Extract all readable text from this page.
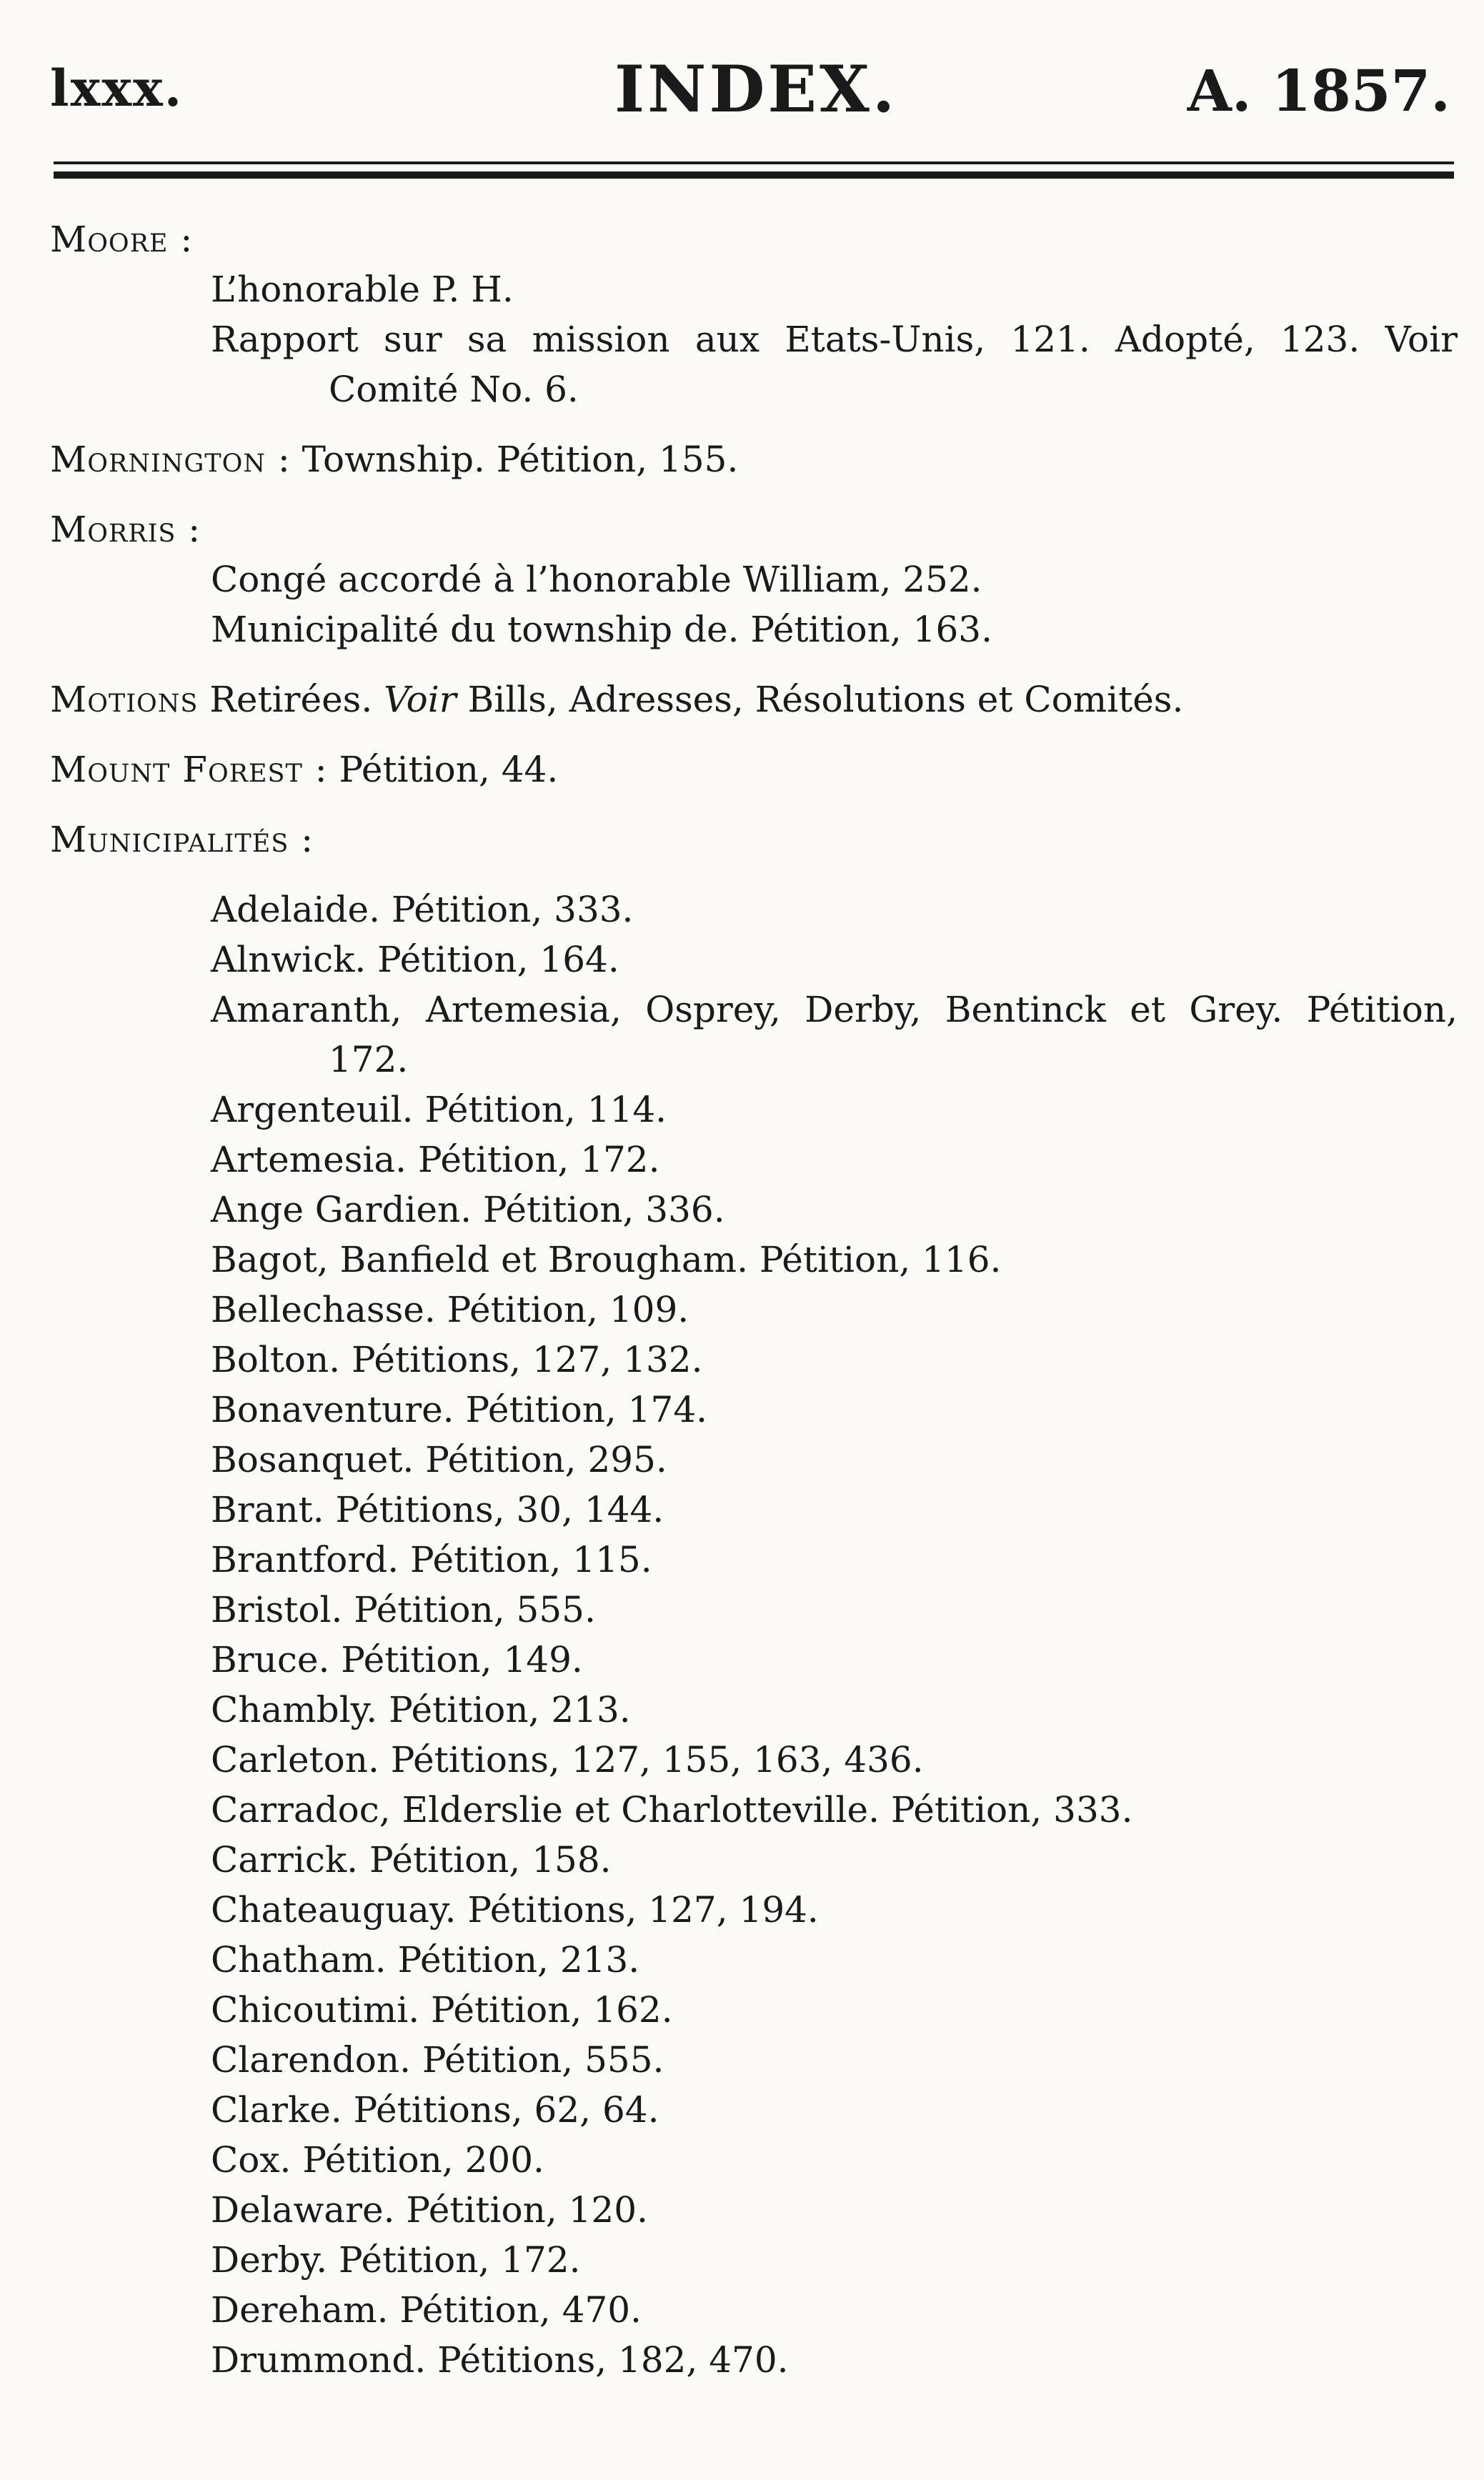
lxxx.	INDEX.	A. 1857.
Moore :
L’honorable P. H.
Rapport sur sa mission aux Etats-Unis, 121. Adopté, 123. Voir
Comité No. 6.
Mornington : Township. Pétition, 155.
Morris :
Congé accordé à l’honorable William, 252.
Municipalité du township de. Pétition, 163.
Motions Retirées. Voir Bills, Adresses, Résolutions et Comités.
Mount Forest : Pétition, 44.
Municipalités :
Adelaide. Pétition, 333.
Alnwick. Pétition, 164.
Amaranth, Artemesia, Osprey, Derby, Bentinck et Grey. Pétition,
172.
Argenteuil. Pétition, 114.
Artemesia. Pétition, 172.
Ange Gardien. Pétition, 336.
Bagot, Banfield et Brougham. Pétition, 116.
Bellechasse. Pétition, 109.
Bolton. Pétitions, 127, 132.
Bonaventure. Pétition, 174.
Bosanquet. Pétition, 295.
Brant. Pétitions, 30, 144.
Brantford. Pétition, 115.
Bristol. Pétition, 555.
Bruce. Pétition, 149.
Chambly. Pétition, 213.
Carleton. Pétitions, 127, 155, 163, 436.
Carradoc, Elderslie et Charlotteville. Pétition, 333.
Carrick. Pétition, 158.
Chateauguay. Pétitions, 127, 194.
Chatham. Pétition, 213.
Chicoutimi. Pétition, 162.
Clarendon. Pétition, 555.
Clarke. Pétitions, 62, 64.
Cox. Pétition, 200.
Delaware. Pétition, 120.
Derby. Pétition, 172.
Dereham. Pétition, 470.
Drummond. Pétitions, 182, 470.
